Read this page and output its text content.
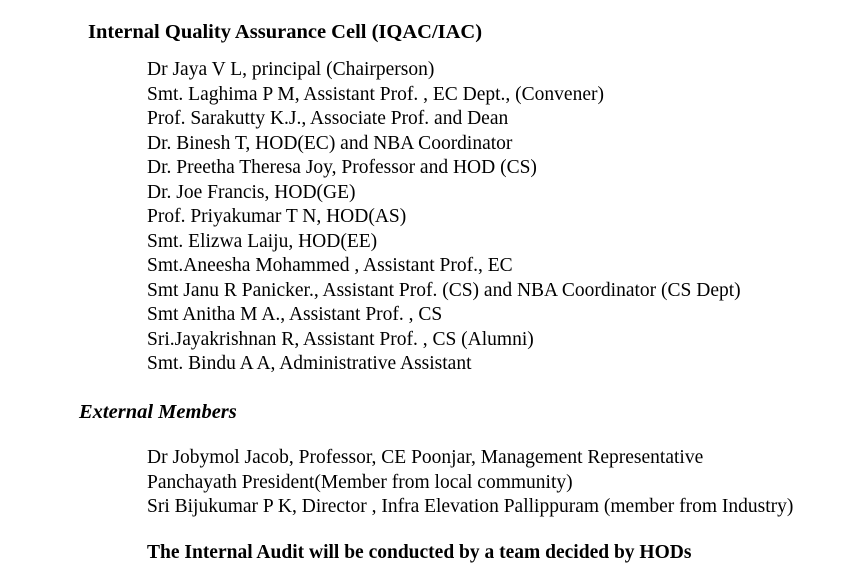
Internal Quality Assurance Cell (IQAC/IAC)
Dr Jaya V L, principal (Chairperson)
Smt. Laghima P M, Assistant Prof. , EC Dept., (Convener)
Prof. Sarakutty K.J., Associate Prof. and Dean
Dr. Binesh T, HOD(EC) and NBA Coordinator
Dr. Preetha Theresa Joy, Professor and HOD (CS)
Dr. Joe Francis, HOD(GE)
Prof. Priyakumar T N, HOD(AS)
Smt. Elizwa Laiju, HOD(EE)
Smt.Aneesha Mohammed , Assistant Prof., EC
Smt Janu R Panicker., Assistant Prof. (CS) and NBA Coordinator (CS Dept)
Smt Anitha M A., Assistant Prof. , CS
Sri.Jayakrishnan R, Assistant Prof. , CS (Alumni)
Smt. Bindu A A, Administrative Assistant
External Members
Dr Jobymol Jacob, Professor, CE Poonjar, Management Representative
Panchayath President(Member from local community)
Sri Bijukumar P K, Director , Infra Elevation Pallippuram (member from Industry)
The Internal Audit will be conducted by a team decided by HODs
